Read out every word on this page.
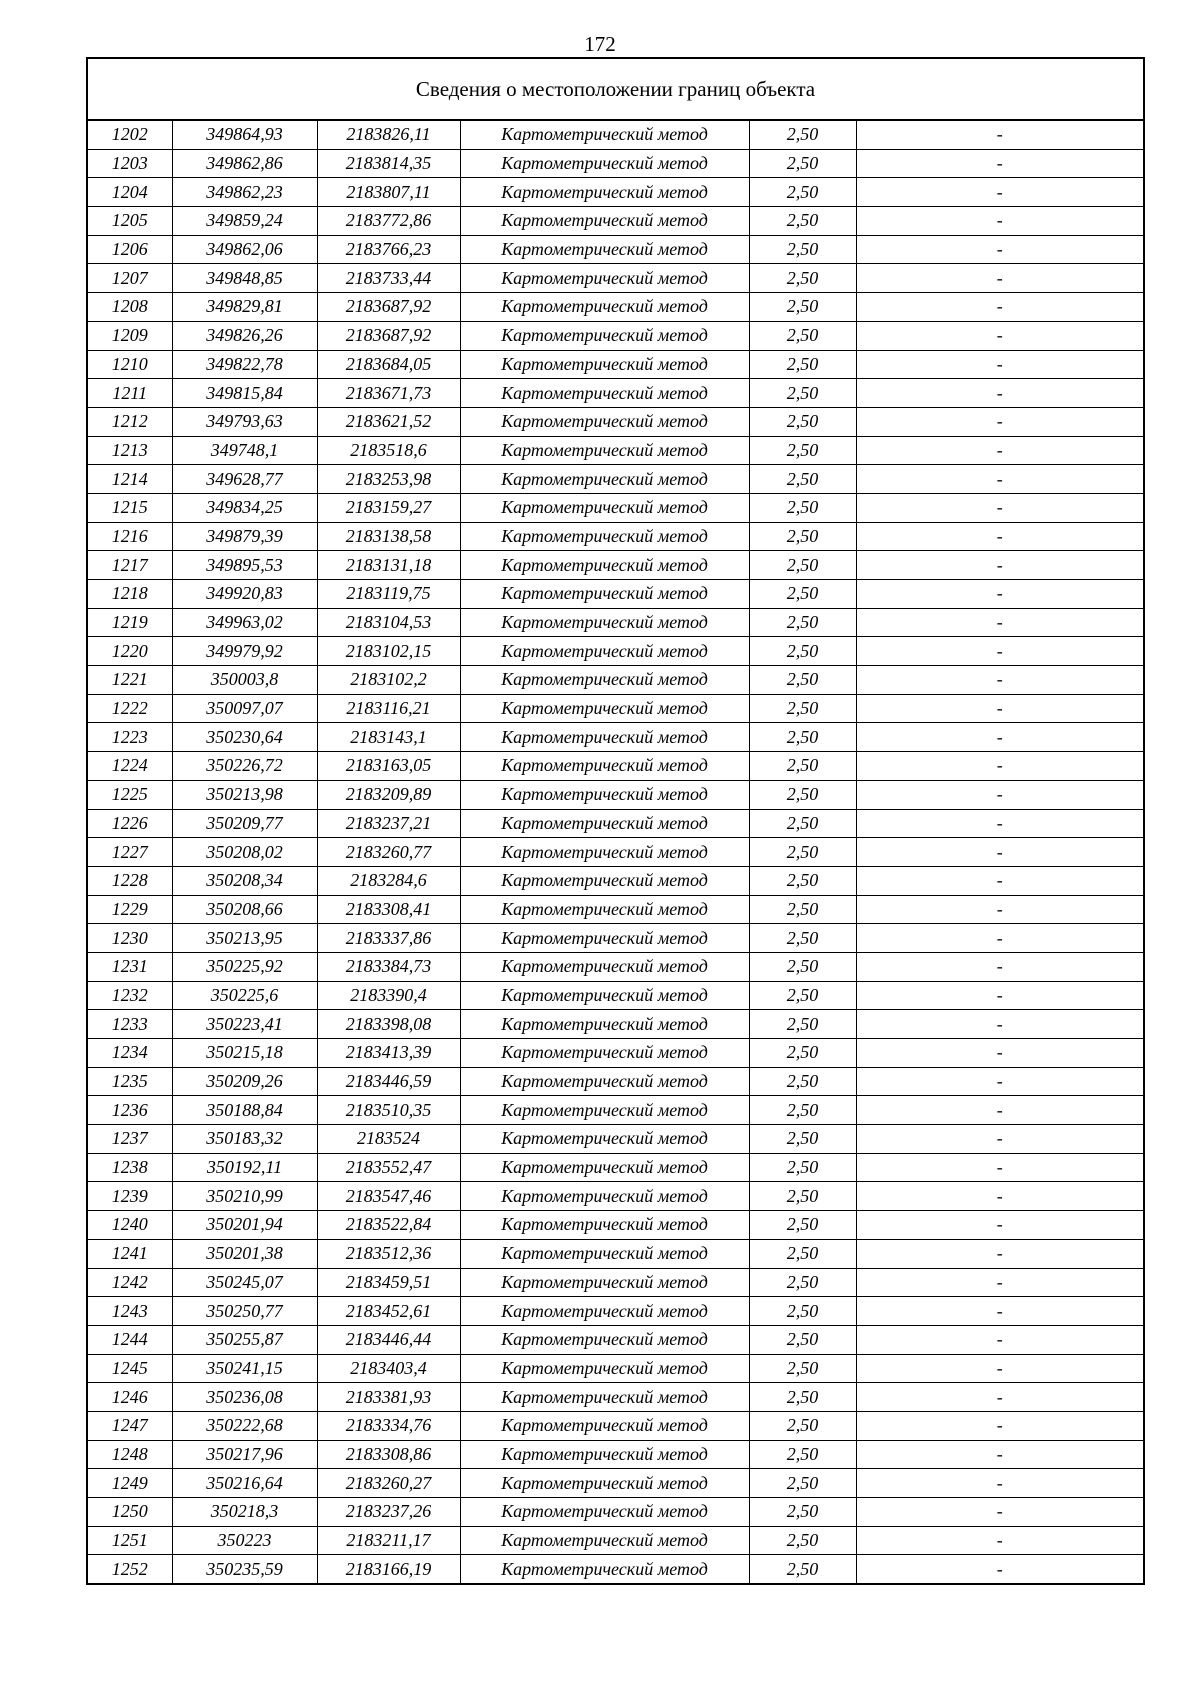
172
Сведения о местоположении границ объекта
1202	349864,93	2183826,11	Картометрический метод	2,50	-
1203	349862,86	2183814,35	Картометрический метод	2,50	-
1204	349862,23	2183807,11	Картометрический метод	2,50	-
1205	349859,24	2183772,86	Картометрический метод	2,50	-
1206	349862,06	2183766,23	Картометрический метод	2,50	-
1207	349848,85	2183733,44	Картометрический метод	2,50	-
1208	349829,81	2183687,92	Картометрический метод	2,50	-
1209	349826,26	2183687,92	Картометрический метод	2,50	-
1210	349822,78	2183684,05	Картометрический метод	2,50	-
1211	349815,84	2183671,73	Картометрический метод	2,50	-
1212	349793,63	2183621,52	Картометрический метод	2,50	-
1213	349748,1	2183518,6	Картометрический метод	2,50	-
1214	349628,77	2183253,98	Картометрический метод	2,50	-
1215	349834,25	2183159,27	Картометрический метод	2,50	-
1216	349879,39	2183138,58	Картометрический метод	2,50	-
1217	349895,53	2183131,18	Картометрический метод	2,50	-
1218	349920,83	2183119,75	Картометрический метод	2,50	-
1219	349963,02	2183104,53	Картометрический метод	2,50	-
1220	349979,92	2183102,15	Картометрический метод	2,50	-
1221	350003,8	2183102,2	Картометрический метод	2,50	-
1222	350097,07	2183116,21	Картометрический метод	2,50	-
1223	350230,64	2183143,1	Картометрический метод	2,50	-
1224	350226,72	2183163,05	Картометрический метод	2,50	-
1225	350213,98	2183209,89	Картометрический метод	2,50	-
1226	350209,77	2183237,21	Картометрический метод	2,50	-
1227	350208,02	2183260,77	Картометрический метод	2,50	-
1228	350208,34	2183284,6	Картометрический метод	2,50	-
1229	350208,66	2183308,41	Картометрический метод	2,50	-
1230	350213,95	2183337,86	Картометрический метод	2,50	-
1231	350225,92	2183384,73	Картометрический метод	2,50	-
1232	350225,6	2183390,4	Картометрический метод	2,50	-
1233	350223,41	2183398,08	Картометрический метод	2,50	-
1234	350215,18	2183413,39	Картометрический метод	2,50	-
1235	350209,26	2183446,59	Картометрический метод	2,50	-
1236	350188,84	2183510,35	Картометрический метод	2,50	-
1237	350183,32	2183524	Картометрический метод	2,50	-
1238	350192,11	2183552,47	Картометрический метод	2,50	-
1239	350210,99	2183547,46	Картометрический метод	2,50	-
1240	350201,94	2183522,84	Картометрический метод	2,50	-
1241	350201,38	2183512,36	Картометрический метод	2,50	-
1242	350245,07	2183459,51	Картометрический метод	2,50	-
1243	350250,77	2183452,61	Картометрический метод	2,50	-
1244	350255,87	2183446,44	Картометрический метод	2,50	-
1245	350241,15	2183403,4	Картометрический метод	2,50	-
1246	350236,08	2183381,93	Картометрический метод	2,50	-
1247	350222,68	2183334,76	Картометрический метод	2,50	-
1248	350217,96	2183308,86	Картометрический метод	2,50	-
1249	350216,64	2183260,27	Картометрический метод	2,50	-
1250	350218,3	2183237,26	Картометрический метод	2,50	-
1251	350223	2183211,17	Картометрический метод	2,50	-
1252	350235,59	2183166,19	Картометрический метод	2,50	-
